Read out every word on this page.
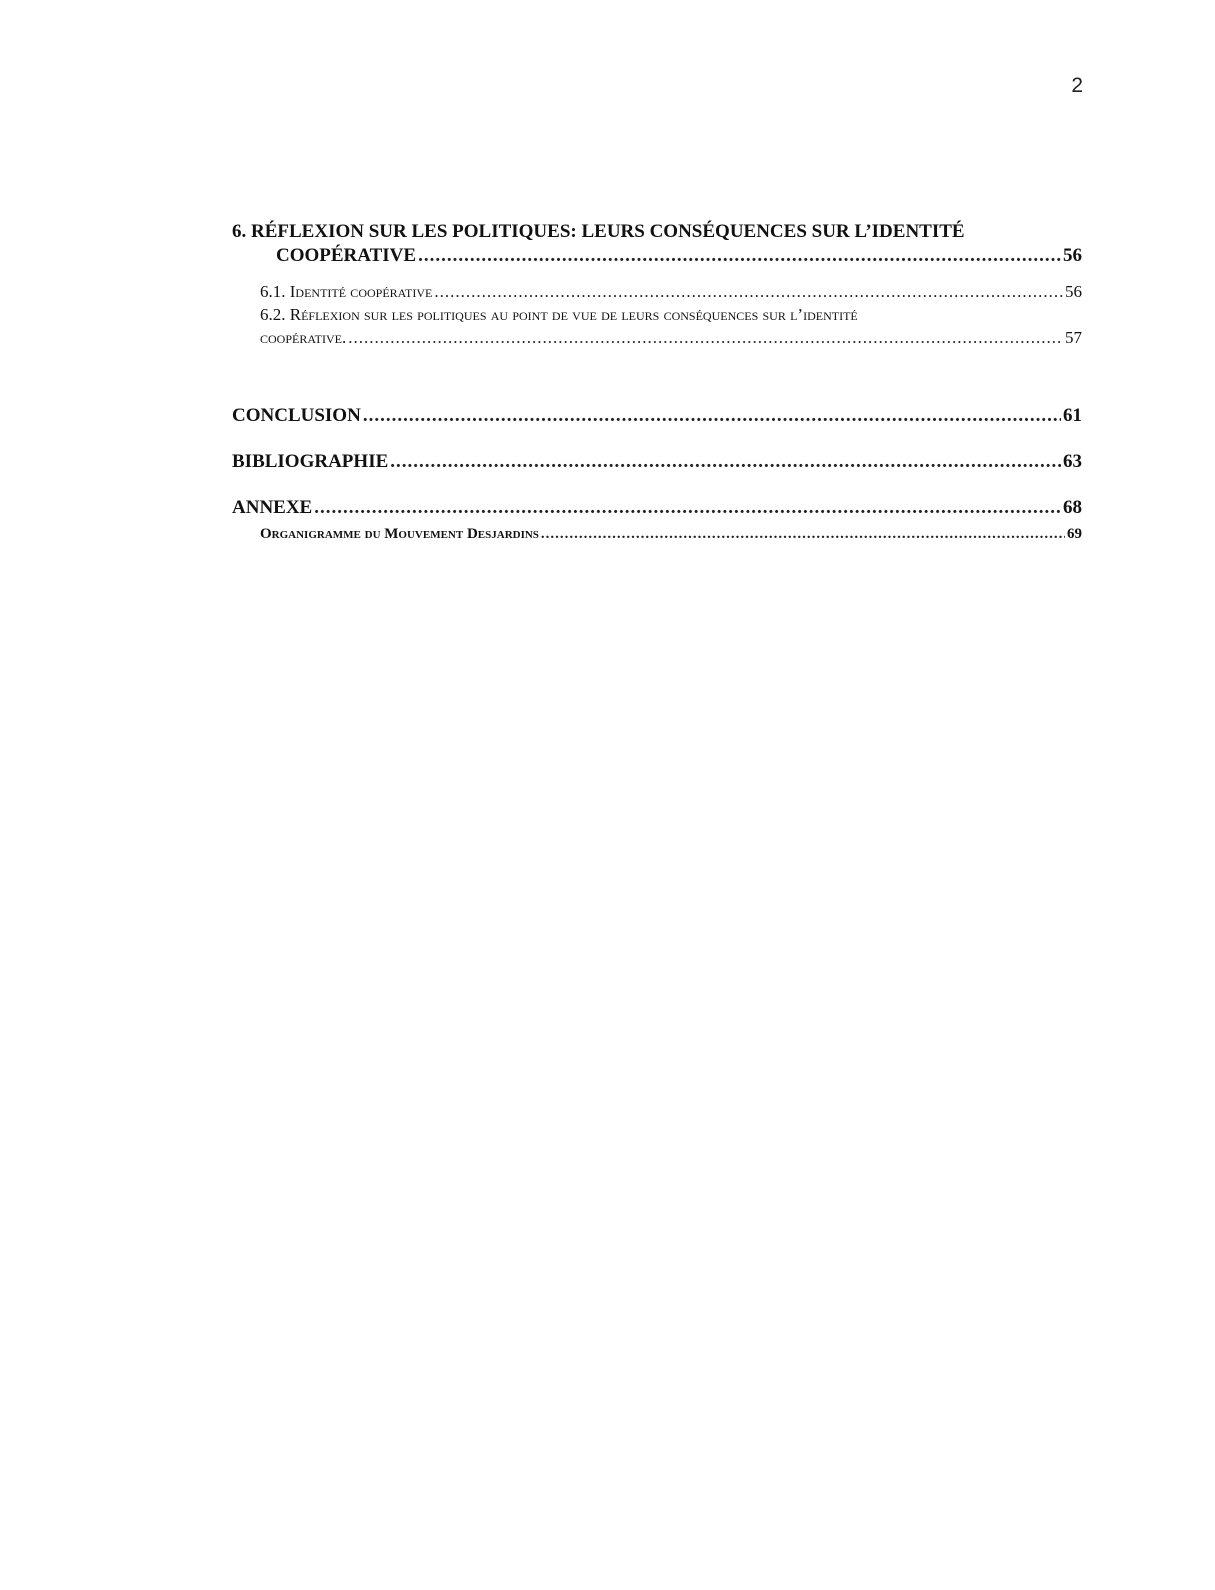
2
6. RÉFLEXION SUR LES POLITIQUES: LEURS CONSÉQUENCES SUR L’IDENTITÉ
COOPÉRATIVE .....	56
6.1. Identité coopérative .....	56
6.2. Réflexion sur les politiques au point de vue de leurs conséquences sur l’identité
coopérative. .....	57
CONCLUSION .....	61
BIBLIOGRAPHIE .....	63
ANNEXE .....	68
Organigramme du Mouvement Desjardins .....	69
